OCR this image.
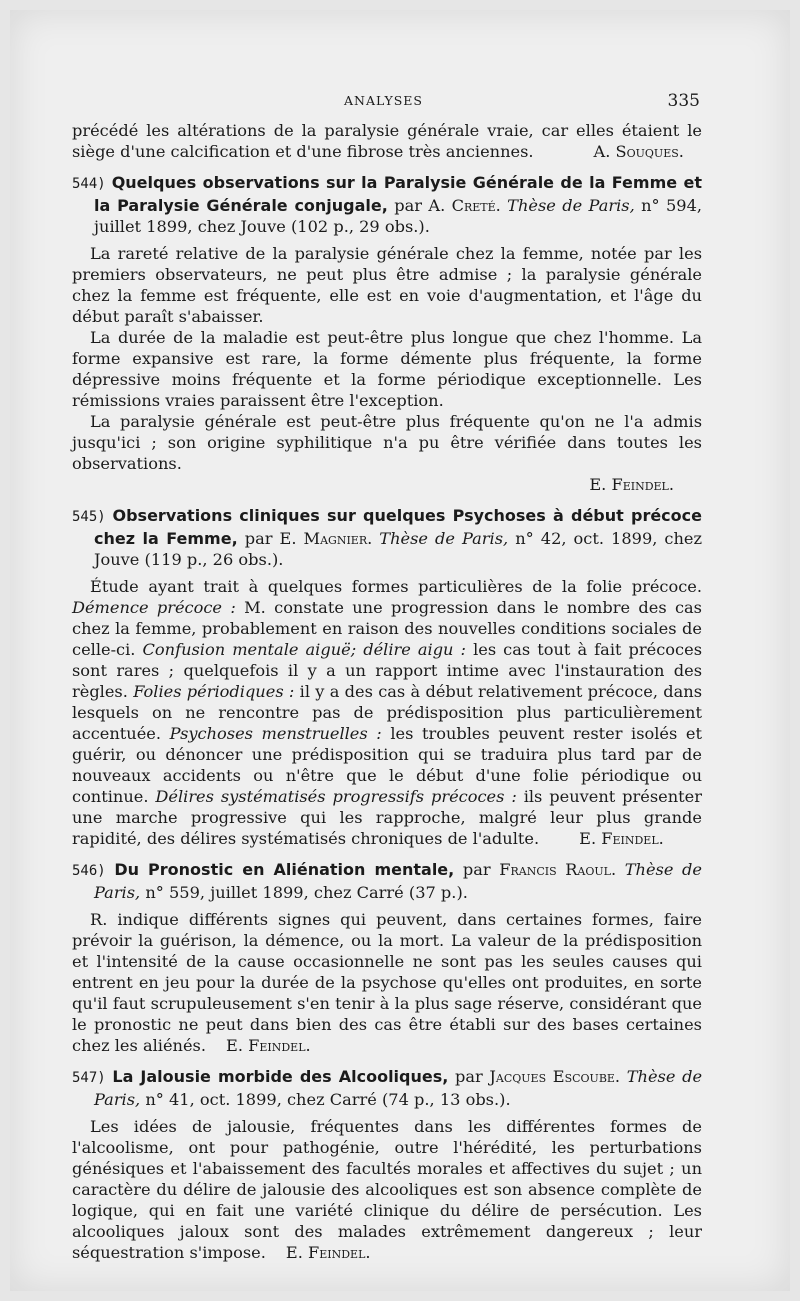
ANALYSES	335

précédé les altérations de la paralysie générale vraie, car elles étaient le siège d'une calcification et d'une fibrose très anciennes.	A. Souques.

544) Quelques observations sur la Paralysie Générale de la Femme et la Paralysie Générale conjugale, par A. Creté. Thèse de Paris, n° 594, juillet 1899, chez Jouve (102 p., 29 obs.).

La rareté relative de la paralysie générale chez la femme, notée par les premiers observateurs, ne peut plus être admise ; la paralysie générale chez la femme est fréquente, elle est en voie d'augmentation, et l'âge du début paraît s'abaisser.

La durée de la maladie est peut-être plus longue que chez l'homme. La forme expansive est rare, la forme démente plus fréquente, la forme dépressive moins fréquente et la forme périodique exceptionnelle. Les rémissions vraies paraissent être l'exception.

La paralysie générale est peut-être plus fréquente qu'on ne l'a admis jusqu'ici ; son origine syphilitique n'a pu être vérifiée dans toutes les observations.

E. Feindel.

545) Observations cliniques sur quelques Psychoses à début précoce chez la Femme, par E. Magnier. Thèse de Paris, n° 42, oct. 1899, chez Jouve (119 p., 26 obs.).

Étude ayant trait à quelques formes particulières de la folie précoce. Démence précoce : M. constate une progression dans le nombre des cas chez la femme, probablement en raison des nouvelles conditions sociales de celle-ci. Confusion mentale aiguë; délire aigu : les cas tout à fait précoces sont rares ; quelquefois il y a un rapport intime avec l'instauration des règles. Folies périodiques : il y a des cas à début relativement précoce, dans lesquels on ne rencontre pas de prédisposition plus particulièrement accentuée. Psychoses menstruelles : les troubles peuvent rester isolés et guérir, ou dénoncer une prédisposition qui se traduira plus tard par de nouveaux accidents ou n'être que le début d'une folie périodique ou continue. Délires systématisés progressifs précoces : ils peuvent présenter une marche progressive qui les rapproche, malgré leur plus grande rapidité, des délires systématisés chroniques de l'adulte. E. Feindel.

546) Du Pronostic en Aliénation mentale, par Francis Raoul. Thèse de Paris, n° 559, juillet 1899, chez Carré (37 p.).

R. indique différents signes qui peuvent, dans certaines formes, faire prévoir la guérison, la démence, ou la mort. La valeur de la prédisposition et l'intensité de la cause occasionnelle ne sont pas les seules causes qui entrent en jeu pour la durée de la psychose qu'elles ont produites, en sorte qu'il faut scrupuleusement s'en tenir à la plus sage réserve, considérant que le pronostic ne peut dans bien des cas être établi sur des bases certaines chez les aliénés. E. Feindel.

547) La Jalousie morbide des Alcooliques, par Jacques Escoube. Thèse de Paris, n° 41, oct. 1899, chez Carré (74 p., 13 obs.).

Les idées de jalousie, fréquentes dans les différentes formes de l'alcoolisme, ont pour pathogénie, outre l'hérédité, les perturbations génésiques et l'abaissement des facultés morales et affectives du sujet ; un caractère du délire de jalousie des alcooliques est son absence complète de logique, qui en fait une variété clinique du délire de persécution. Les alcooliques jaloux sont des malades extrêmement dangereux ; leur séquestration s'impose. E. Feindel.
